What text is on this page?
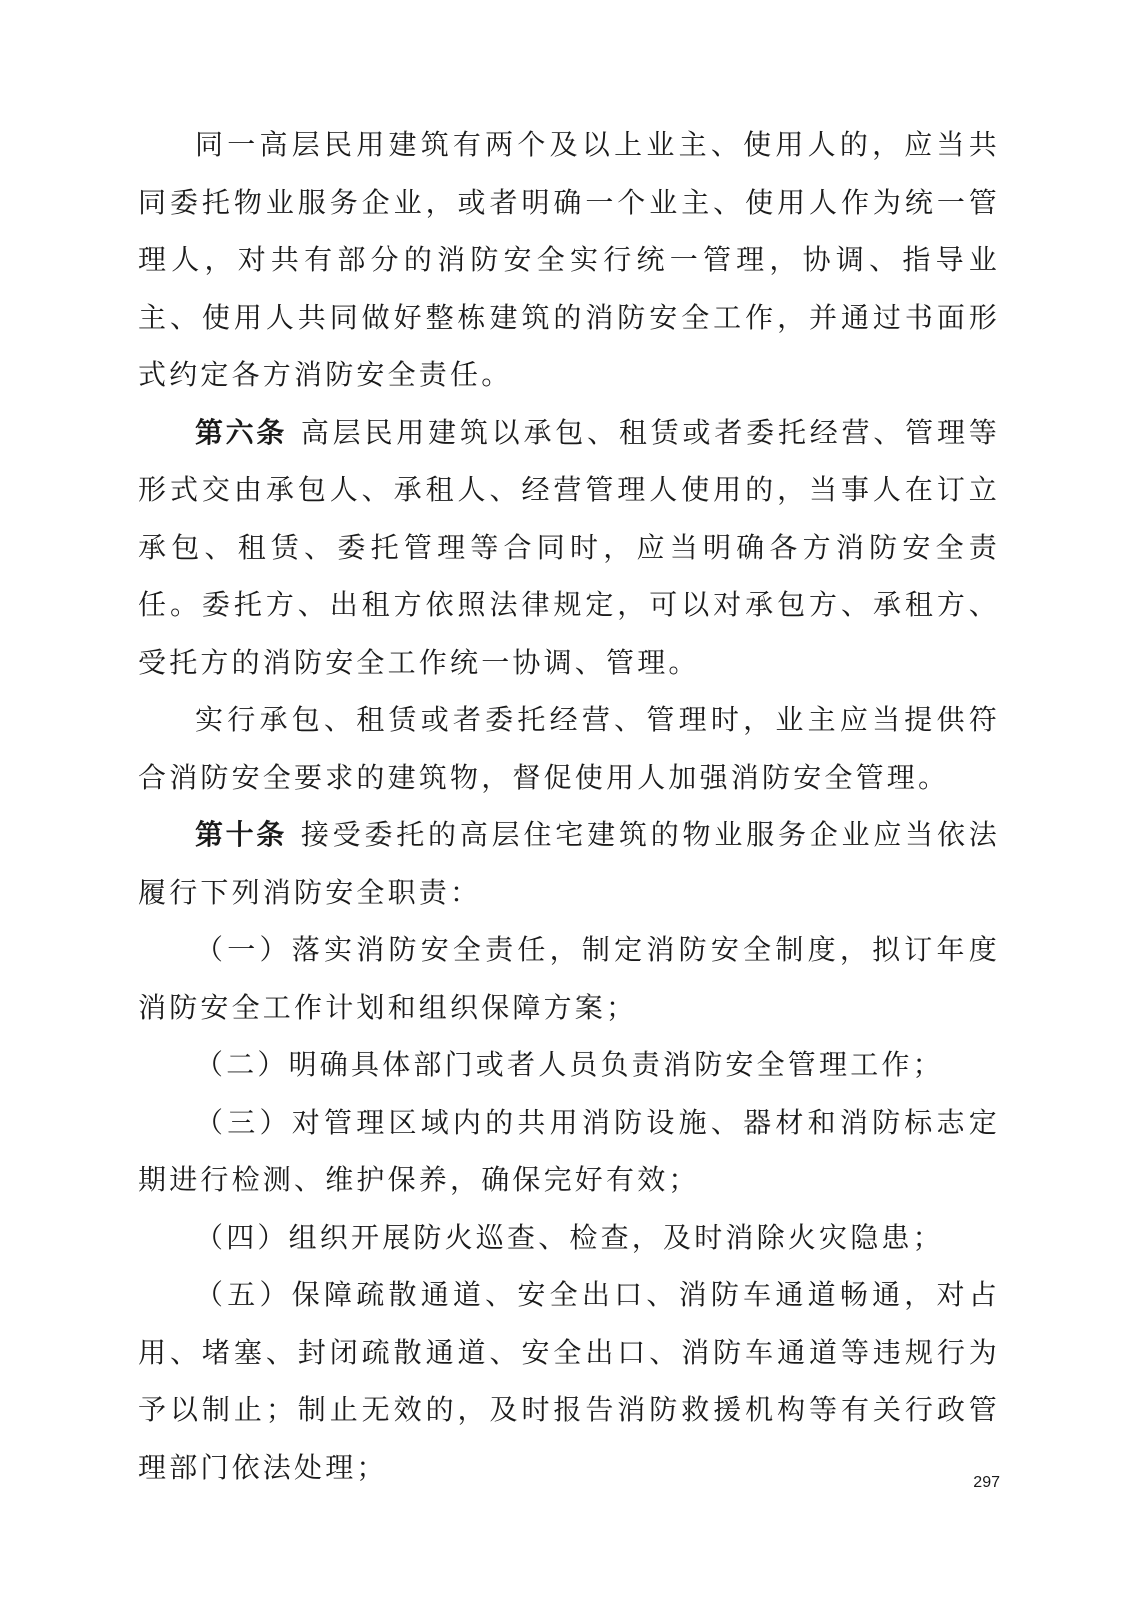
同一高层民用建筑有两个及以上业主、使用人的，应当共同委托物业服务企业，或者明确一个业主、使用人作为统一管理人，对共有部分的消防安全实行统一管理，协调、指导业主、使用人共同做好整栋建筑的消防安全工作，并通过书面形式约定各方消防安全责任。

第六条 高层民用建筑以承包、租赁或者委托经营、管理等形式交由承包人、承租人、经营管理人使用的，当事人在订立承包、租赁、委托管理等合同时，应当明确各方消防安全责任。委托方、出租方依照法律规定，可以对承包方、承租方、受托方的消防安全工作统一协调、管理。

实行承包、租赁或者委托经营、管理时，业主应当提供符合消防安全要求的建筑物，督促使用人加强消防安全管理。

第十条 接受委托的高层住宅建筑的物业服务企业应当依法履行下列消防安全职责：

（一）落实消防安全责任，制定消防安全制度，拟订年度消防安全工作计划和组织保障方案；

（二）明确具体部门或者人员负责消防安全管理工作；

（三）对管理区域内的共用消防设施、器材和消防标志定期进行检测、维护保养，确保完好有效；

（四）组织开展防火巡查、检查，及时消除火灾隐患；

（五）保障疏散通道、安全出口、消防车通道畅通，对占用、堵塞、封闭疏散通道、安全出口、消防车通道等违规行为予以制止；制止无效的，及时报告消防救援机构等有关行政管理部门依法处理；	297
